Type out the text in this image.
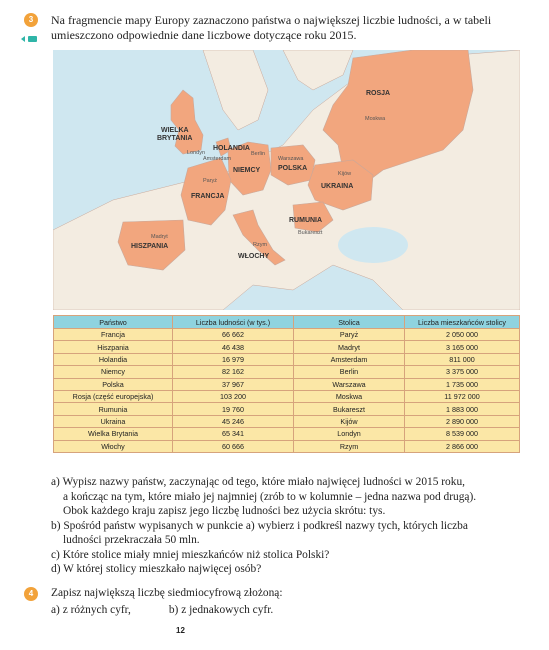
3	Na fragmencie mapy Europy zaznaczono państwa o największej liczbie ludności, a w tabeli
umieszczono odpowiednie dane liczbowe dotyczące roku 2015.
ROSJA
WIELKA
BRYTANIA
HOLANDIA
NIEMCY	POLSKA
UKRAINA
FRANCJA
RUMUNIA
HISZPANIA
WŁOCHY
Moskwa
Londyn
Amsterdam
Berlin
Warszawa
Kijów
Paryż
Bukareszt
Madryt
Rzym
Państwo	Liczba ludności (w tys.)	Stolica	Liczba mieszkańców stolicy
Francja	66 662	Paryż	2 050 000
Hiszpania	46 438	Madryt	3 165 000
Holandia	16 979	Amsterdam	811 000
Niemcy	82 162	Berlin	3 375 000
Polska	37 967	Warszawa	1 735 000
Rosja (część europejska)	103 200	Moskwa	11 972 000
Rumunia	19 760	Bukareszt	1 883 000
Ukraina	45 246	Kijów	2 890 000
Wielka Brytania	65 341	Londyn	8 539 000
Włochy	60 666	Rzym	2 866 000

a) Wypisz nazwy państw, zaczynając od tego, które miało najwięcej ludności w 2015 roku,

a kończąc na tym, które miało jej najmniej (zrób to w kolumnie – jedna nazwa pod drugą).

Obok każdego kraju zapisz jego liczbę ludności bez użycia skrótu: tys.

b) Spośród państw wypisanych w punkcie a) wybierz i podkreśl nazwy tych, których liczba

ludności przekraczała 50 mln.

c) Które stolice miały mniej mieszkańców niż stolica Polski?

d) W której stolicy mieszkało najwięcej osób?

4	Zapisz największą liczbę siedmiocyfrową złożoną:
a) z różnych cyfr,	b) z jednakowych cyfr.
12
